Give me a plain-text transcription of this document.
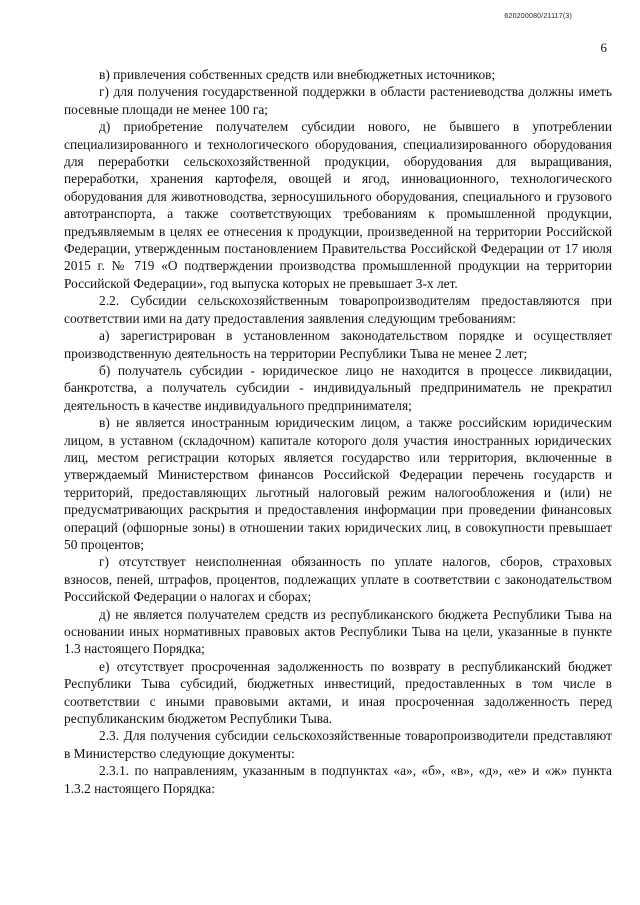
620200080/21117(3)
6

в) привлечения собственных средств или внебюджетных источников;

г) для получения государственной поддержки в области растениеводства должны иметь посевные площади не менее 100 га;

д) приобретение получателем субсидии нового, не бывшего в употреблении специализированного и технологического оборудования, специализированного оборудования для переработки сельскохозяйственной продукции, оборудования для выращивания, переработки, хранения картофеля, овощей и ягод, инновационного, технологического оборудования для животноводства, зерносушильного оборудования, специального и грузового автотранспорта, а также соответствующих требованиям к промышленной продукции, предъявляемым в целях ее отнесения к продукции, произведенной на территории Российской Федерации, утвержденным постановлением Правительства Российской Федерации от 17 июля 2015 г. № 719 «О подтверждении производства промышленной продукции на территории Российской Федерации», год выпуска которых не превышает 3-х лет.

2.2. Субсидии сельскохозяйственным товаропроизводителям предоставляются при соответствии ими на дату предоставления заявления следующим требованиям:

а) зарегистрирован в установленном законодательством порядке и осуществляет производственную деятельность на территории Республики Тыва не менее 2 лет;

б) получатель субсидии - юридическое лицо не находится в процессе ликвидации, банкротства, а получатель субсидии - индивидуальный предприниматель не прекратил деятельность в качестве индивидуального предпринимателя;

в) не является иностранным юридическим лицом, а также российским юридическим лицом, в уставном (складочном) капитале которого доля участия иностранных юридических лиц, местом регистрации которых является государство или территория, включенные в утверждаемый Министерством финансов Российской Федерации перечень государств и территорий, предоставляющих льготный налоговый режим налогообложения и (или) не предусматривающих раскрытия и предоставления информации при проведении финансовых операций (офшорные зоны) в отношении таких юридических лиц, в совокупности превышает 50 процентов;

г) отсутствует неисполненная обязанность по уплате налогов, сборов, страховых взносов, пеней, штрафов, процентов, подлежащих уплате в соответствии с законодательством Российской Федерации о налогах и сборах;

д) не является получателем средств из республиканского бюджета Республики Тыва на основании иных нормативных правовых актов Республики Тыва на цели, указанные в пункте 1.3 настоящего Порядка;

е) отсутствует просроченная задолженность по возврату в республиканский бюджет Республики Тыва субсидий, бюджетных инвестиций, предоставленных в том числе в соответствии с иными правовыми актами, и иная просроченная задолженность перед республиканским бюджетом Республики Тыва.

2.3. Для получения субсидии сельскохозяйственные товаропроизводители представляют в Министерство следующие документы:

2.3.1. по направлениям, указанным в подпунктах «а», «б», «в», «д», «е» и «ж» пункта 1.3.2 настоящего Порядка:
